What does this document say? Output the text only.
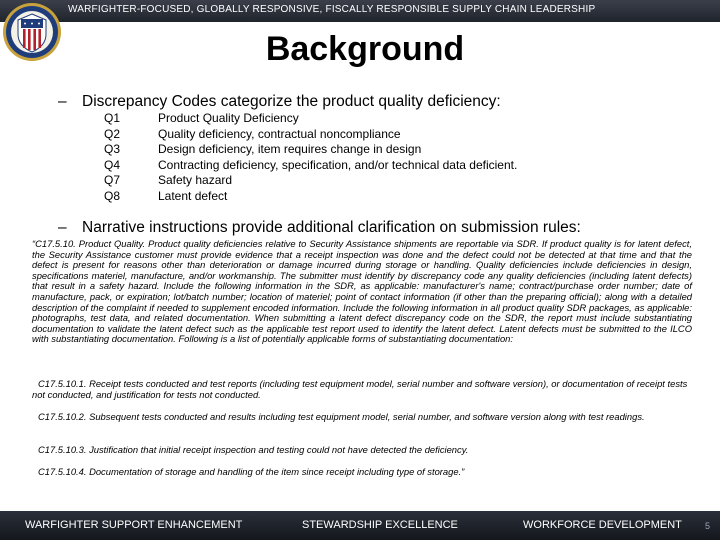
WARFIGHTER-FOCUSED, GLOBALLY RESPONSIVE, FISCALLY RESPONSIBLE SUPPLY CHAIN LEADERSHIP
Background
– Discrepancy Codes categorize the product quality deficiency:
Q1	Product Quality Deficiency
Q2	Quality deficiency, contractual noncompliance
Q3	Design deficiency, item requires change in design
Q4	Contracting deficiency, specification, and/or technical data deficient.
Q7	Safety hazard
Q8	Latent defect
– Narrative instructions provide additional clarification on submission rules:
“C17.5.10. Product Quality. Product quality deficiencies relative to Security Assistance shipments are reportable via SDR. If product quality is for latent defect, the Security Assistance customer must provide evidence that a receipt inspection was done and the defect could not be detected at that time and that the defect is present for reasons other than deterioration or damage incurred during storage or handling. Quality deficiencies include deficiencies in design, specifications materiel, manufacture, and/or workmanship. The submitter must identify by discrepancy code any quality deficiencies (including latent defects) that result in a safety hazard. Include the following information in the SDR, as applicable: manufacturer's name; contract/purchase order number; date of manufacture, pack, or expiration; lot/batch number; location of materiel; point of contact information (if other than the preparing official); along with a detailed description of the complaint if needed to supplement encoded information. Include the following information in all product quality SDR packages, as applicable: photographs, test data, and related documentation. When submitting a latent defect discrepancy code on the SDR, the report must include substantiating documentation to validate the latent defect such as the applicable test report used to identify the latent defect. Latent defects must be submitted to the ILCO with substantiating documentation. Following is a list of potentially applicable forms of substantiating documentation:
C17.5.10.1. Receipt tests conducted and test reports (including test equipment model, serial number and software version), or documentation of receipt tests not conducted, and justification for tests not conducted.
C17.5.10.2. Subsequent tests conducted and results including test equipment model, serial number, and software version along with test readings.
C17.5.10.3. Justification that initial receipt inspection and testing could not have detected the deficiency.
C17.5.10.4. Documentation of storage and handling of the item since receipt including type of storage.”
WARFIGHTER SUPPORT ENHANCEMENT	STEWARDSHIP EXCELLENCE	WORKFORCE DEVELOPMENT	5
